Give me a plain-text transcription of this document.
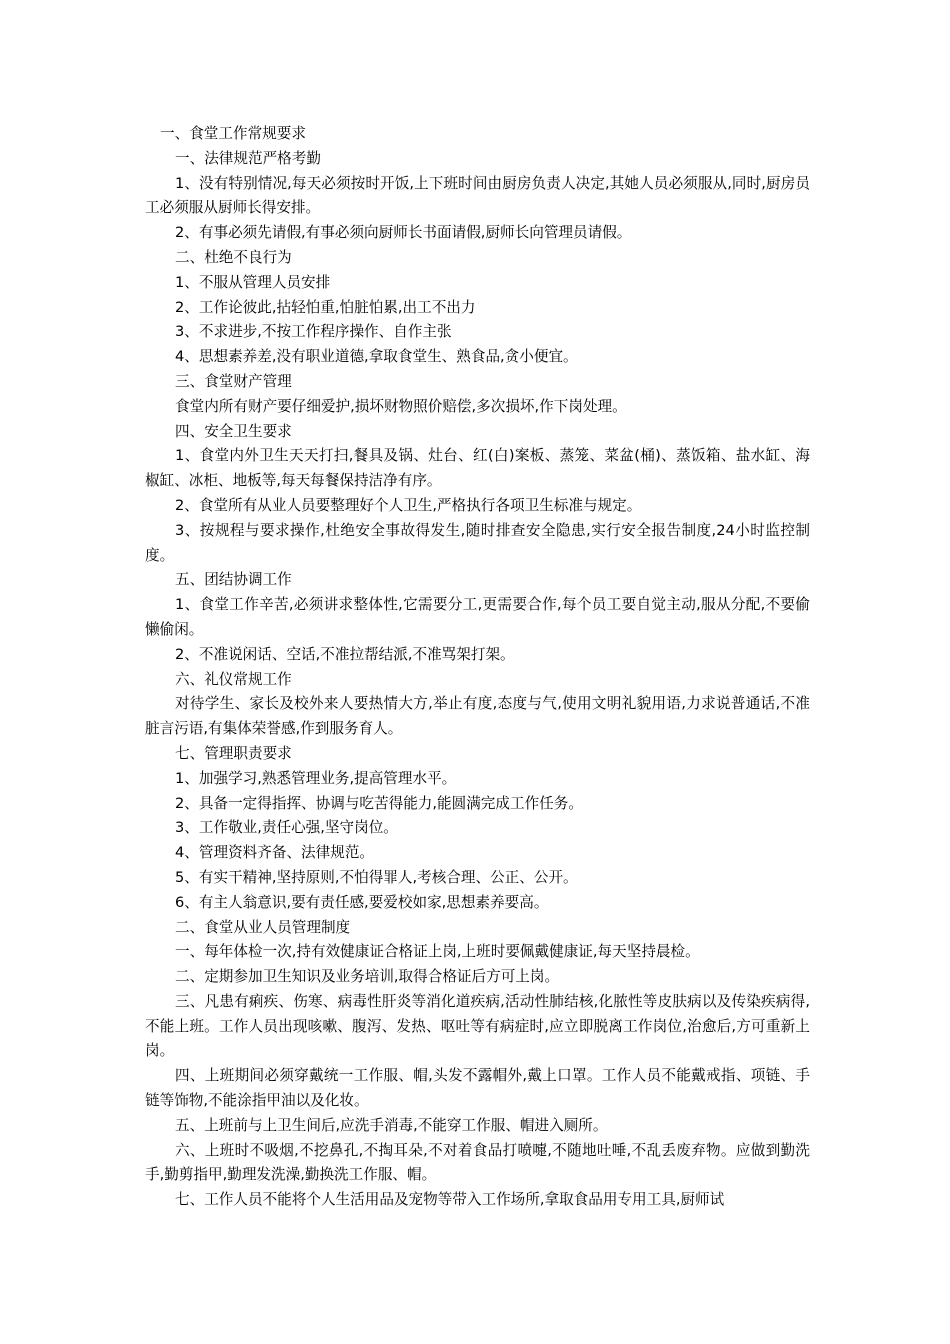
一、食堂工作常规要求

一、法律规范严格考勤

1、没有特别情况,每天必须按时开饭,上下班时间由厨房负责人决定,其她人员必须服从,同时,厨房员工必须服从厨师长得安排。

2、有事必须先请假,有事必须向厨师长书面请假,厨师长向管理员请假。

二、杜绝不良行为

1、不服从管理人员安排

2、工作论彼此,拈轻怕重,怕脏怕累,出工不出力

3、不求进步,不按工作程序操作、自作主张

4、思想素养差,没有职业道德,拿取食堂生、熟食品,贪小便宜。

三、食堂财产管理

食堂内所有财产要仔细爱护,损坏财物照价赔偿,多次损坏,作下岗处理。

四、安全卫生要求

1、食堂内外卫生天天打扫,餐具及锅、灶台、红(白)案板、蒸笼、菜盆(桶)、蒸饭箱、盐水缸、海椒缸、冰柜、地板等,每天每餐保持洁净有序。

2、食堂所有从业人员要整理好个人卫生,严格执行各项卫生标准与规定。

3、按规程与要求操作,杜绝安全事故得发生,随时排查安全隐患,实行安全报告制度,24小时监控制度。

五、团结协调工作

1、食堂工作辛苦,必须讲求整体性,它需要分工,更需要合作,每个员工要自觉主动,服从分配,不要偷懒偷闲。

2、不准说闲话、空话,不准拉帮结派,不准骂架打架。

六、礼仪常规工作

对待学生、家长及校外来人要热情大方,举止有度,态度与气,使用文明礼貌用语,力求说普通话,不准脏言污语,有集体荣誉感,作到服务育人。

七、管理职责要求

1、加强学习,熟悉管理业务,提高管理水平。

2、具备一定得指挥、协调与吃苦得能力,能圆满完成工作任务。

3、工作敬业,责任心强,坚守岗位。

4、管理资料齐备、法律规范。

5、有实干精神,坚持原则,不怕得罪人,考核合理、公正、公开。

6、有主人翁意识,要有责任感,要爱校如家,思想素养要高。

二、食堂从业人员管理制度

一、每年体检一次,持有效健康证合格证上岗,上班时要佩戴健康证,每天坚持晨检。

二、定期参加卫生知识及业务培训,取得合格证后方可上岗。

三、凡患有痢疾、伤寒、病毒性肝炎等消化道疾病,活动性肺结核,化脓性等皮肤病以及传染疾病得,不能上班。工作人员出现咳嗽、腹泻、发热、呕吐等有病症时,应立即脱离工作岗位,治愈后,方可重新上岗。

四、上班期间必须穿戴统一工作服、帽,头发不露帽外,戴上口罩。工作人员不能戴戒指、项链、手链等饰物,不能涂指甲油以及化妆。

五、上班前与上卫生间后,应洗手消毒,不能穿工作服、帽进入厕所。

六、上班时不吸烟,不挖鼻孔,不掏耳朵,不对着食品打喷嚏,不随地吐唾,不乱丢废弃物。应做到勤洗手,勤剪指甲,勤理发洗澡,勤换洗工作服、帽。

七、工作人员不能将个人生活用品及宠物等带入工作场所,拿取食品用专用工具,厨师试
